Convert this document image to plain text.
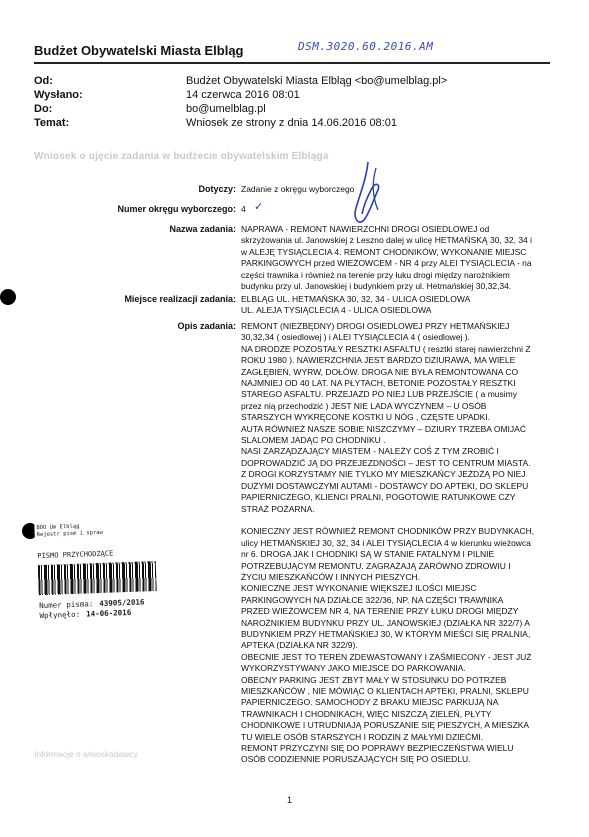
Budżet Obywatelski Miasta Elbląg	DSM.3020.60.2016.AM
Od:	Budżet Obywatelski Miasta Elbląg <bo@umelblag.pl>
Wysłano:	14 czerwca 2016 08:01
Do:	bo@umelblag.pl
Temat:	Wniosek ze strony z dnia 14.06.2016 08:01
Wniosek o ujęcie zadania w budżecie obywatelskim Elbląga
Dotyczy: Zadanie z okręgu wyborczego
Numer okręgu wyborczego: 4 ✓
Nazwa zadania: NAPRAWA - REMONT NAWIERZCHNI DROGI OSIEDLOWEJ od
skrzyżowania ul. Janowskiej z Leszno dalej w ulicę HETMAŃSKĄ 30, 32, 34 i
w ALEJĘ TYSIĄCLECIA 4. REMONT CHODNIKÓW, WYKONANIE MIEJSC
PARKINGOWYCH przed WIEŻOWCEM - NR 4 przy ALEI TYSIĄCLECIA - na
części trawnika i również na terenie przy łuku drogi między narożnikiem
budynku przy ul. Janowskiej i budynkiem przy ul. Hetmańskiej 30,32,34.
Miejsce realizacji zadania: ELBLĄG UL. HETMAŃSKA 30, 32, 34 - ULICA OSIEDLOWA
UL. ALEJA TYSIĄCLECIA 4 - ULICA OSIEDLOWA
Opis zadania: REMONT (NIEZBĘDNY) DROGI OSIEDLOWEJ PRZY HETMAŃSKIEJ
30,32,34 ( osiedlowej ) i ALEI TYSIĄCLECIA 4 ( osiedlowej ).
NA DRODZE POZOSTAŁY RESZTKI ASFALTU ( resztki starej nawierzchni Z
ROKU 1980 ). NAWIERZCHNIA JEST BARDZO DZIURAWA, MA WIELE
ZAGŁĘBIEŃ, WYRW, DOŁÓW. DROGA NIE BYŁA REMONTOWANA CO
NAJMNIEJ OD 40 LAT. NA PŁYTACH, BETONIE POZOSTAŁY RESZTKI
STAREGO ASFALTU. PRZEJAZD PO NIEJ LUB PRZEJŚCIE ( a musimy
przez nią przechodzić ) JEST NIE LADA WYCZYNEM – U OSÓB
STARSZYCH WYKRĘCONE KOSTKI U NÓG , CZĘSTE UPADKI.
AUTA RÓWNIEŻ NASZE SOBIE NISZCZYMY – DZIURY TRZEBA OMIJAĆ
SLALOMEM JADĄC PO CHODNIKU .
NASI ZARZĄDZAJĄCY MIASTEM - NALEŻY COŚ Z TYM ZROBIĆ I
DOPROWADZIĆ JĄ DO PRZEJEZDNOŚCI – JEST TO CENTRUM MIASTA.
Z DROGI KORZYSTAMY NIE TYLKO MY MIESZKAŃCY JEŻDŻĄ PO NIEJ
DUŻYMI DOSTAWCZYMI AUTAMI - DOSTAWCY DO APTEKI, DO SKLEPU
PAPIERNICZEGO, KLIENCI PRALNI, POGOTOWIE RATUNKOWE CZY
STRAŻ POŻARNA.

KONIECZNY JEST RÓWNIEŻ REMONT CHODNIKÓW PRZY BUDYNKACH,
ulicy HETMAŃSKIEJ 30, 32, 34 i ALEI TYSIĄCLECIA 4 w kierunku wieżowca
nr 6. DROGA JAK I CHODNIKI SĄ W STANIE FATALNYM I PILNIE
POTRZEBUJĄCYM REMONTU. ZAGRAŻAJĄ ZARÓWNO ZDROWIU I
ŻYCIU MIESZKAŃCÓW I INNYCH PIESZYCH.
KONIECZNE JEST WYKONANIE WIĘKSZEJ ILOŚCI MIEJSC
PARKINGOWYCH NA DZIAŁCE 322/36, NP. NA CZĘŚCI TRAWNIKA
PRZED WIEŻOWCEM NR 4, NA TERENIE PRZY ŁUKU DROGI MIĘDZY
NAROŻNIKIEM BUDYNKU PRZY UL. JANOWSKIEJ (DZIAŁKA NR 322/7) A
BUDYNKIEM PRZY HETMAŃSKIEJ 30, W KTÓRYM MIEŚCI SIĘ PRALNIA,
APTEKA (DZIAŁKA NR 322/9).
OBECNIE JEST TO TEREN ZDEWASTOWANY I ZAŚMIECONY - JEST JUŻ
WYKORZYSTYWANY JAKO MIEJSCE DO PARKOWANIA.
OBECNY PARKING JEST ZBYT MAŁY W STOSUNKU DO POTRZEB
MIESZKAŃCÓW , NIE MÓWIĄC O KLIENTACH APTEKI, PRALNI, SKLEPU
PAPIERNICZEGO. SAMOCHODY Z BRAKU MIEJSC PARKUJĄ NA
TRAWNIKACH I CHODNIKACH, WIĘC NISZCZĄ ZIELEŃ, PŁYTY
CHODNIKOWE I UTRUDNIAJĄ PORUSZANIE SIĘ PIESZYCH, A MIESZKA
TU WIELE OSÓB STARSZYCH I RODZIN Z MAŁYMI DZIEĆMI.
REMONT PRZYCZYNI SIĘ DO POPRAWY BEZPIECZEŃSTWA WIELU
OSÓB CODZIENNIE PORUSZAJĄCYCH SIĘ PO OSIEDLU.
BOO Um Elbląg
Rejestr pism i spraw
PISMO PRZYCHODZĄCE
Numer pisma: 43905/2016
Wpłynęło: 14-06-2016
Informacje o wnioskodawcy
1
